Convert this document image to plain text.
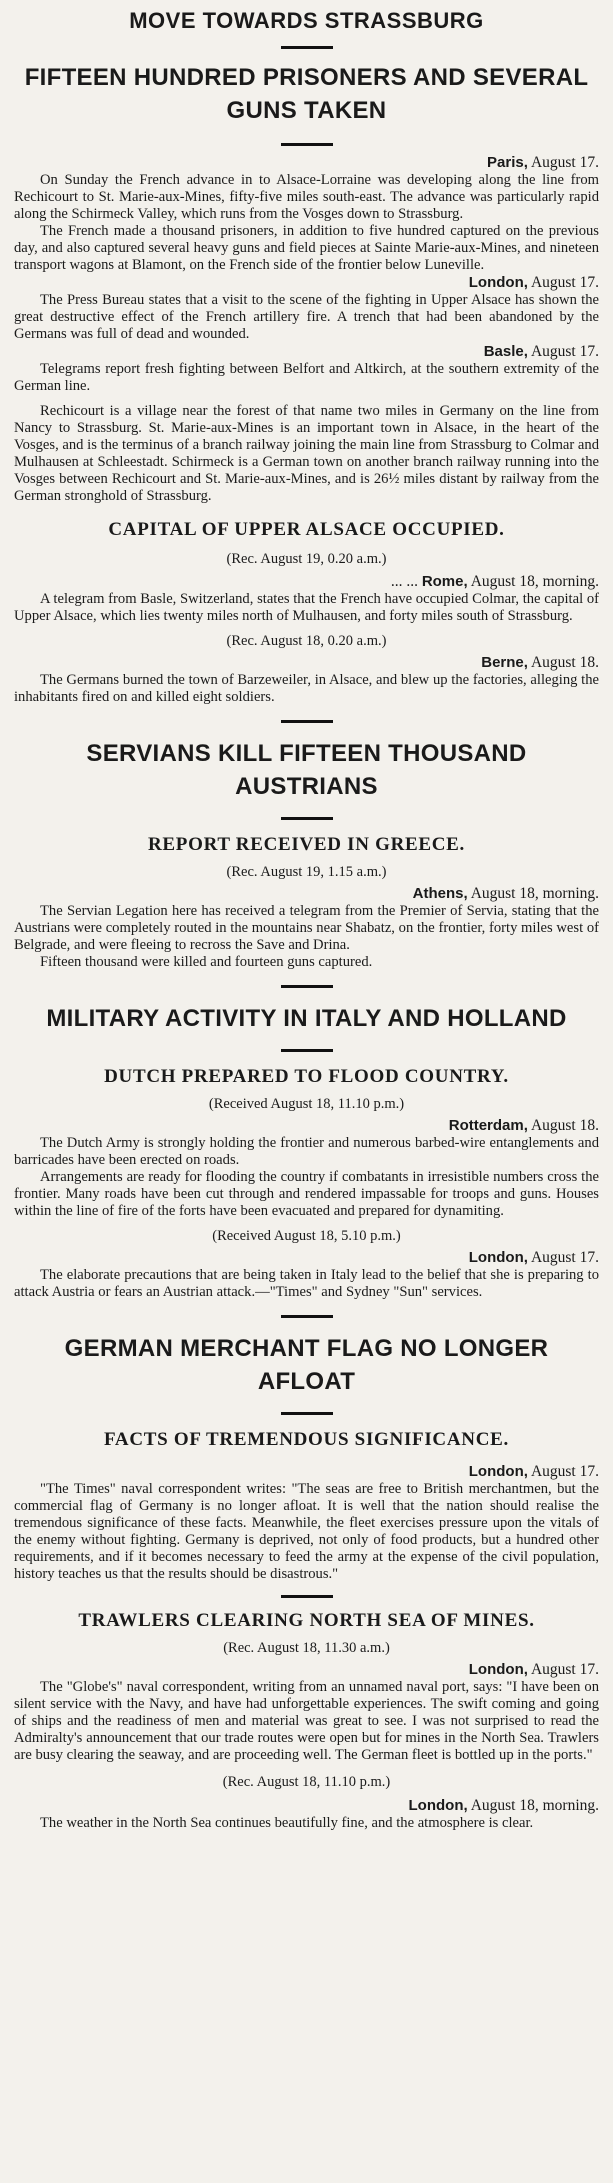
MOVE TOWARDS STRASSBURG
FIFTEEN HUNDRED PRISONERS AND SEVERAL GUNS TAKEN
Paris, August 17.

On Sunday the French advance in to Alsace-Lorraine was developing along the line from Rechicourt to St. Marie-aux-Mines, fifty-five miles south-east. The advance was particularly rapid along the Schirmeck Valley, which runs from the Vosges down to Strassburg.

The French made a thousand prisoners, in addition to five hundred captured on the previous day, and also captured several heavy guns and field pieces at Sainte Marie-aux-Mines, and nineteen transport wagons at Blamont, on the French side of the frontier below Luneville.

London, August 17.

The Press Bureau states that a visit to the scene of the fighting in Upper Alsace has shown the great destructive effect of the French artillery fire. A trench that had been abandoned by the Germans was full of dead and wounded.

Basle, August 17.

Telegrams report fresh fighting between Belfort and Altkirch, at the southern extremity of the German line.

Rechicourt is a village near the forest of that name two miles in Germany on the line from Nancy to Strassburg. St. Marie-aux-Mines is an important town in Alsace, in the heart of the Vosges, and is the terminus of a branch railway joining the main line from Strassburg to Colmar and Mulhausen at Schleestadt. Schirmeck is a German town on another branch railway running into the Vosges between Rechicourt and St. Marie-aux-Mines, and is 26½ miles distant by railway from the German stronghold of Strassburg.

CAPITAL OF UPPER ALSACE OCCUPIED.

(Rec. August 19, 0.20 a.m.)

... ... Rome, August 18, morning.

A telegram from Basle, Switzerland, states that the French have occupied Colmar, the capital of Upper Alsace, which lies twenty miles north of Mulhausen, and forty miles south of Strassburg.

(Rec. August 18, 0.20 a.m.)

Berne, August 18.

The Germans burned the town of Barzeweiler, in Alsace, and blew up the factories, alleging the inhabitants fired on and killed eight soldiers.

SERVIANS KILL FIFTEEN THOUSAND AUSTRIANS
REPORT RECEIVED IN GREECE.

(Rec. August 19, 1.15 a.m.)

Athens, August 18, morning.

The Servian Legation here has received a telegram from the Premier of Servia, stating that the Austrians were completely routed in the mountains near Shabatz, on the frontier, forty miles west of Belgrade, and were fleeing to recross the Save and Drina.

Fifteen thousand were killed and fourteen guns captured.

MILITARY ACTIVITY IN ITALY AND HOLLAND
DUTCH PREPARED TO FLOOD COUNTRY.

(Received August 18, 11.10 p.m.)

Rotterdam, August 18.

The Dutch Army is strongly holding the frontier and numerous barbed-wire entanglements and barricades have been erected on roads.

Arrangements are ready for flooding the country if combatants in irresistible numbers cross the frontier. Many roads have been cut through and rendered impassable for troops and guns. Houses within the line of fire of the forts have been evacuated and prepared for dynamiting.

(Received August 18, 5.10 p.m.)

London, August 17.

The elaborate precautions that are being taken in Italy lead to the belief that she is preparing to attack Austria or fears an Austrian attack.—"Times" and Sydney "Sun" services.

GERMAN MERCHANT FLAG NO LONGER AFLOAT
FACTS OF TREMENDOUS SIGNIFICANCE.
London, August 17.

"The Times" naval correspondent writes: "The seas are free to British merchantmen, but the commercial flag of Germany is no longer afloat. It is well that the nation should realise the tremendous significance of these facts. Meanwhile, the fleet exercises pressure upon the vitals of the enemy without fighting. Germany is deprived, not only of food products, but a hundred other requirements, and if it becomes necessary to feed the army at the expense of the civil population, history teaches us that the results should be disastrous."

TRAWLERS CLEARING NORTH SEA OF MINES.

(Rec. August 18, 11.30 a.m.)

London, August 17.

The "Globe's" naval correspondent, writing from an unnamed naval port, says: "I have been on silent service with the Navy, and have had unforgettable experiences. The swift coming and going of ships and the readiness of men and material was great to see. I was not surprised to read the Admiralty's announcement that our trade routes were open but for mines in the North Sea. Trawlers are busy clearing the seaway, and are proceeding well. The German fleet is bottled up in the ports."

(Rec. August 18, 11.10 p.m.)

London, August 18, morning.

The weather in the North Sea continues beautifully fine, and the atmosphere is clear.
